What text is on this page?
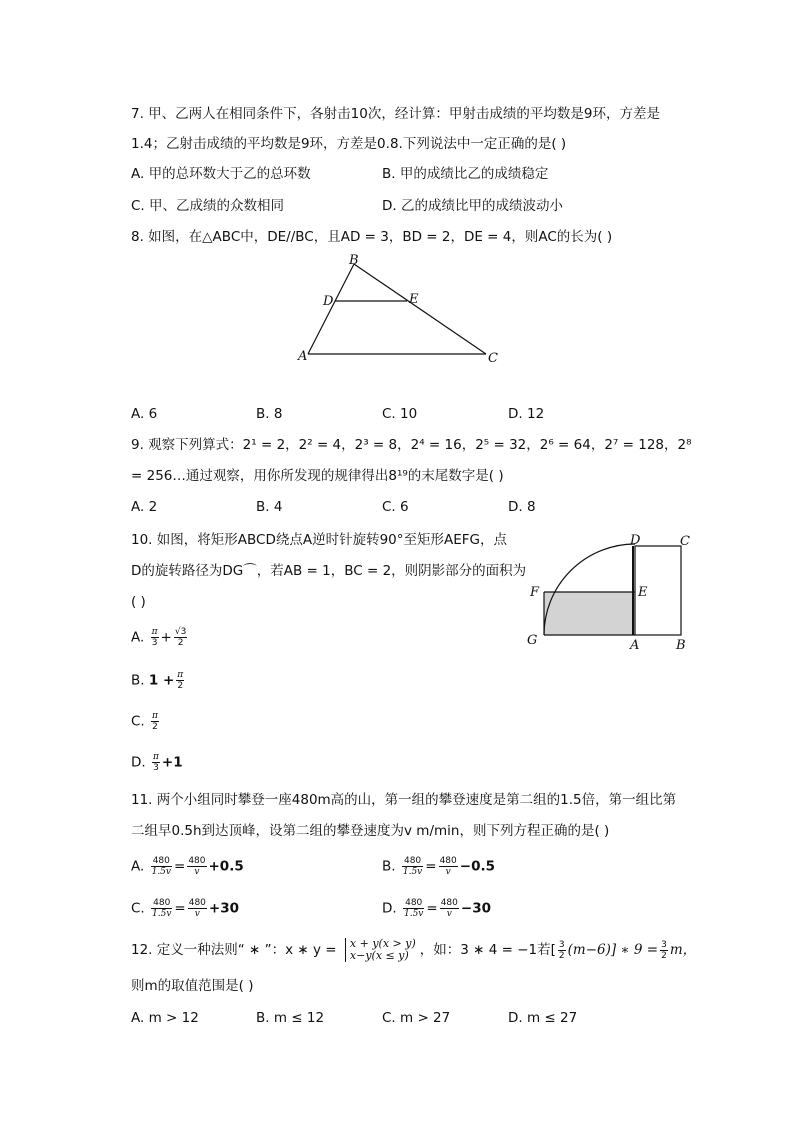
7. 甲、乙两人在相同条件下，各射击10次，经计算：甲射击成绩的平均数是9环，方差是
1.4；乙射击成绩的平均数是9环，方差是0.8.下列说法中一定正确的是( )
A. 甲的总环数大于乙的总环数	B. 甲的成绩比乙的成绩稳定
C. 甲、乙成绩的众数相同	D. 乙的成绩比甲的成绩波动小
8. 如图，在△ABC中，DE//BC，且AD = 3，BD = 2，DE = 4，则AC的长为( )
B
D	E
A	C
A. 6	B. 8	C. 10	D. 12
9. 观察下列算式：2¹ = 2，2² = 4，2³ = 8，2⁴ = 16，2⁵ = 32，2⁶ = 64，2⁷ = 128，2⁸
= 256…通过观察，用你所发现的规律得出8¹⁹的末尾数字是( )
A. 2	B. 4	C. 6	D. 8
10. 如图，将矩形ABCD绕点A逆时针旋转90°至矩形AEFG，点
D的旋转路径为DG⌒，若AB = 1，BC = 2，则阴影部分的面积为
( )
D	C
F	E
G	A	B
A. $\frac{\pi}{3} + \frac{√3}{2}$
B. $1 + \frac{\pi}{2}$
C. $\frac{\pi}{2}$
D. $\frac{\pi}{3} +1$
11. 两个小组同时攀登一座480m高的山，第一组的攀登速度是第二组的1.5倍，第一组比第
二组早0.5h到达顶峰，设第二组的攀登速度为v m/min，则下列方程正确的是( )
A. $\frac{480}{1.5v} = \frac{480}{v} +0.5$	B. $\frac{480}{1.5v} = \frac{480}{v} -0.5$
C. $\frac{480}{1.5v} = \frac{480}{v} +30$	D. $\frac{480}{1.5v} = \frac{480}{v} -30$
12. 定义一种法则“ ∗ ”：x ∗ y = x + y(x > y)
x−y(x ≤ y) ，如：3 ∗ 4 = −1若[ $\frac{3}{2} (m-6)$] ∗ $9 = \frac{3}{2}$ m，
则m的取值范围是( )
A. m > 12	B. m ≤ 12	C. m > 27	D. m ≤ 27
